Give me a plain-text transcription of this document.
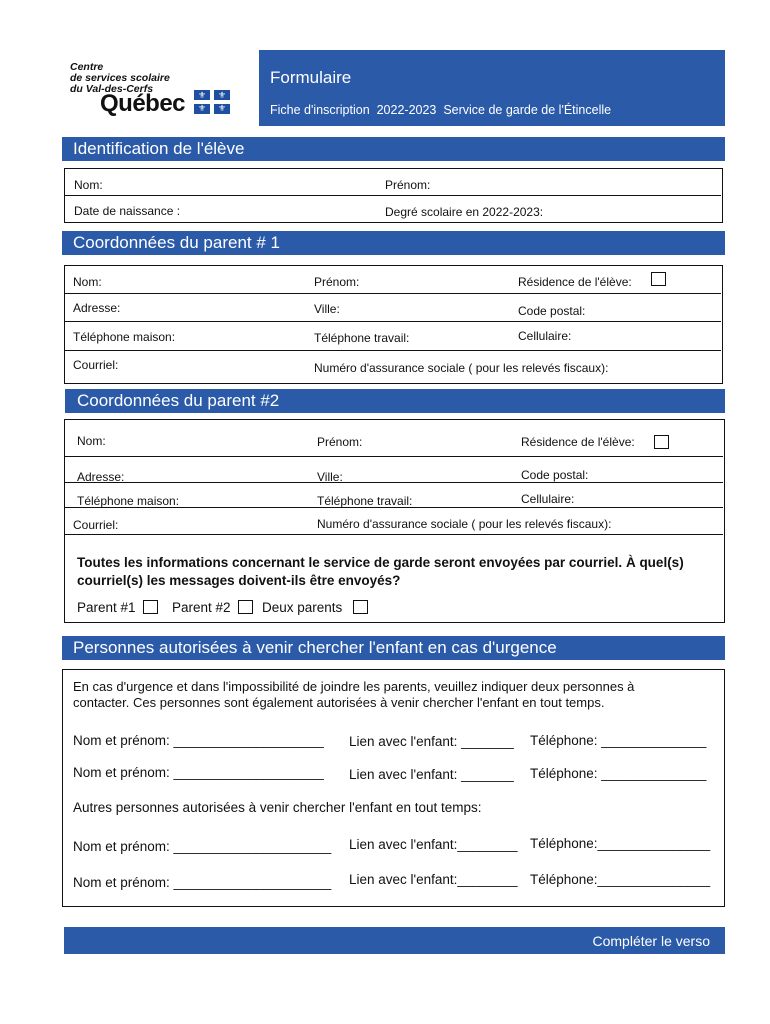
Centre
de services scolaire
du Val-des-Cerfs
Québec ⚜ ⚜
⚜ ⚜
Formulaire
Fiche d'inscription  2022-2023  Service de garde de l'Étincelle
Identification de l'élève
Nom:	Prénom:
Date de naissance :	Degré scolaire en 2022-2023:
Coordonnées du parent # 1
Nom:	Prénom:	Résidence de l'élève:
Adresse:	Ville:	Code postal:
Téléphone maison:	Téléphone travail:	Cellulaire:
Courriel:	Numéro d'assurance sociale ( pour les relevés fiscaux):
Coordonnées du parent #2
Nom:	Prénom:	Résidence de l'élève:
Adresse:	Ville:	Code postal:
Téléphone maison:	Téléphone travail:	Cellulaire:
Courriel:	Numéro d'assurance sociale ( pour les relevés fiscaux):
Toutes les informations concernant le service de garde seront envoyées par courriel. À quel(s) courriel(s) les messages doivent-ils être envoyés?
Parent #1	Parent #2 Deux parents
Personnes autorisées à venir chercher l'enfant en cas d'urgence
En cas d'urgence et dans l'impossibilité de joindre les parents, veuillez indiquer deux personnes à contacter. Ces personnes sont également autorisées à venir chercher l'enfant en tout temps.
Nom et prénom: ____________________ Lien avec l'enfant: _______ Téléphone: ______________
Nom et prénom: ____________________ Lien avec l'enfant: _______ Téléphone: ______________
Autres personnes autorisées à venir chercher l'enfant en tout temps:
Nom et prénom: _____________________ Lien avec l'enfant:________ Téléphone:_______________
Nom et prénom: _____________________ Lien avec l'enfant:________ Téléphone:_______________
Compléter le verso
